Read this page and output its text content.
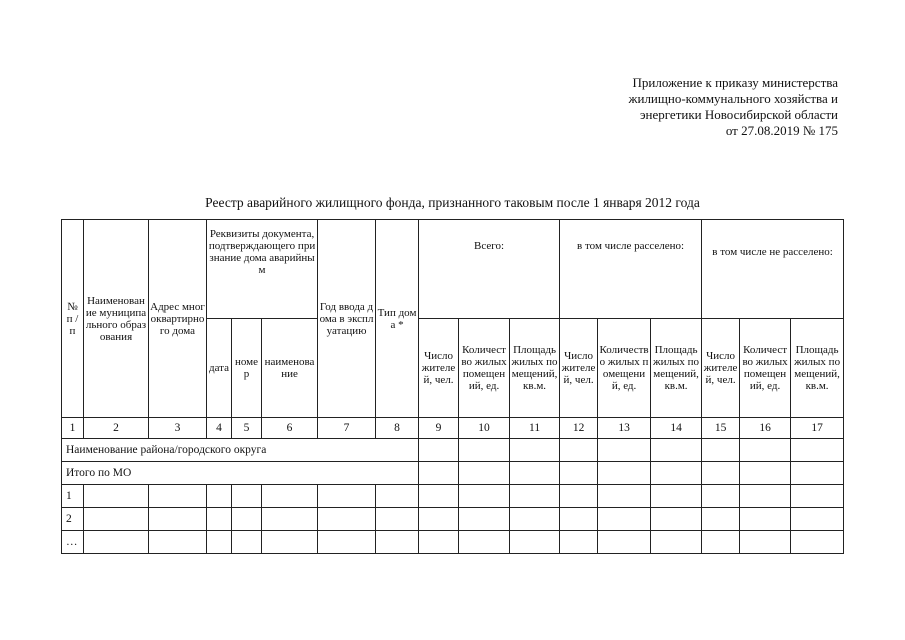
Приложение к приказу министерства
жилищно-коммунального хозяйства и
энергетики Новосибирской области
от 27.08.2019 № 175
Реестр аварийного жилищного фонда, признанного таковым после 1 января 2012 года
№ п / п	Наименование муниципального образования	Адрес многоквартирного дома	Реквизиты документа, подтверждающего признание дома аварийным			Год ввода дома в эксплуатацию	Тип дома *	Всего:			в том числе расселено:			в том числе не расселено:		
			дата	номер	наименование			Число жителей, чел.	Количество жилых помещений, ед.	Площадь жилых помещений, кв.м.	Число жителей, чел.	Количество жилых помещений, ед.	Площадь жилых помещений, кв.м.	Число жителей, чел.	Количество жилых помещений, ед.	Площадь жилых помещений, кв.м.
1	2	3	4	5	6	7	8	9	10	11	12	13	14	15	16	17
Наименование района/городского округа																
Итого по МО																
1																
2																
…																
